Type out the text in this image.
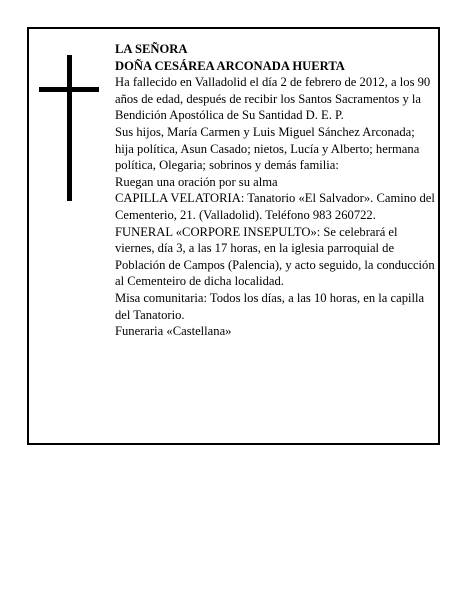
LA SEÑORA

DOÑA CESÁREA ARCONADA HUERTA

Ha fallecido en Valladolid el día 2 de febrero de 2012, a los 90 años de edad, después de recibir los Santos Sacramentos y la Bendición Apostólica de Su Santidad D. E. P.

Sus hijos, María Carmen y Luis Miguel Sánchez Arconada; hija política, Asun Casado; nietos, Lucía y Alberto; hermana política, Olegaria; sobrinos y demás familia:

Ruegan una oración por su alma

CAPILLA VELATORIA: Tanatorio «El Salvador». Camino del Cementerio, 21. (Valladolid). Teléfono 983 260722.

FUNERAL «CORPORE INSEPULTO»: Se celebrará el viernes, día 3, a las 17 horas, en la iglesia parroquial de Población de Campos (Palencia), y acto seguido, la conducción al Cementeiro de dicha localidad.

Misa comunitaria: Todos los días, a las 10 horas, en la capilla del Tanatorio.

Funeraria «Castellana»
